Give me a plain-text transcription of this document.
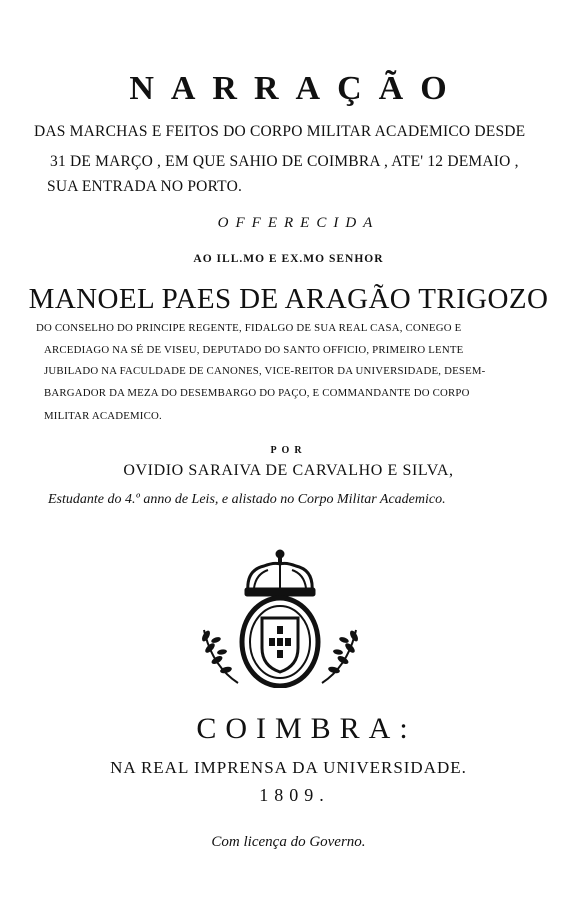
NARRAÇÃO
DAS MARCHAS E FEITOS DO CORPO MILITAR ACADEMICO DESDE
31 DE MARÇO , EM QUE SAHIO DE COIMBRA , ATE' 12 DEMAIO ,
SUA ENTRADA NO PORTO.
OFFERECIDA
AO ILL.MO E EX.MO SENHOR
MANOEL PAES DE ARAGÃO TRIGOZO
DO CONSELHO DO PRINCIPE REGENTE, FIDALGO DE SUA REAL CASA, CONEGO E
ARCEDIAGO NA SÉ DE VISEU, DEPUTADO DO SANTO OFFICIO, PRIMEIRO LENTE
JUBILADO NA FACULDADE DE CANONES, VICE-REITOR DA UNIVERSIDADE, DESEM-
BARGADOR DA MEZA DO DESEMBARGO DO PAÇO, E COMMANDANTE DO CORPO
MILITAR ACADEMICO.
POR
OVIDIO SARAIVA DE CARVALHO E SILVA,
Estudante do 4.º anno de Leis, e alistado no Corpo Militar Academico.
COIMBRA:
NA REAL IMPRENSA DA UNIVERSIDADE.
1809.
Com licença do Governo.
